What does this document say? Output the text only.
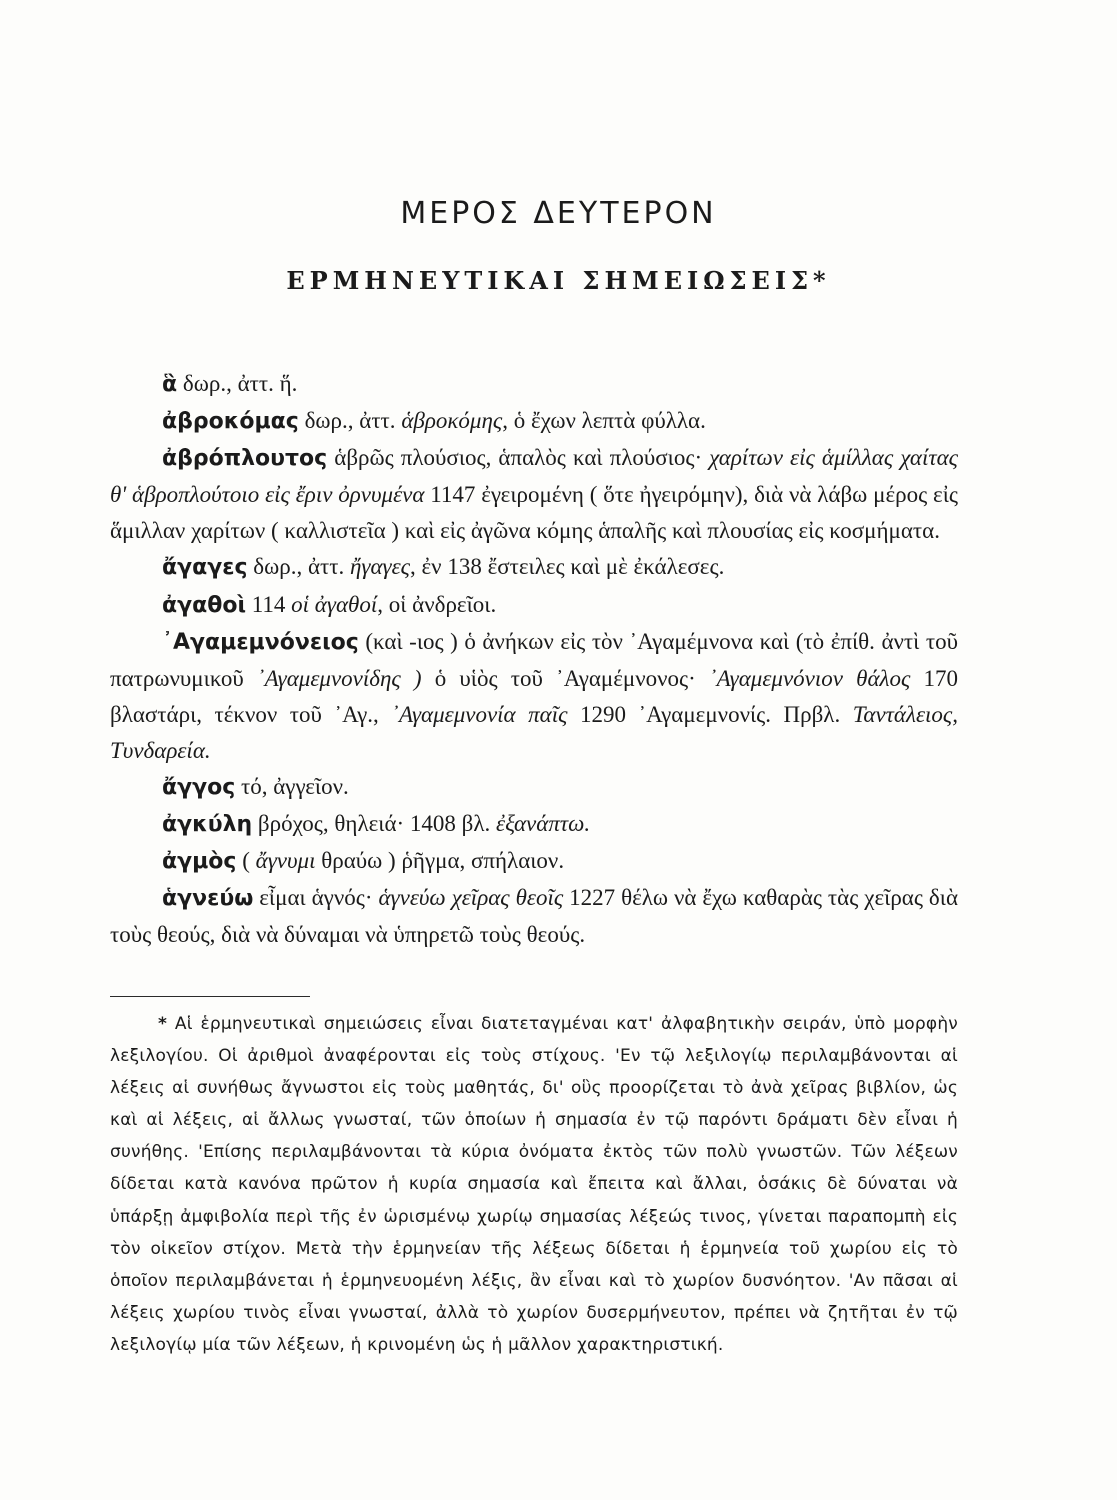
ΜΕΡΟΣ ΔΕΥΤΕΡΟΝ
ΕΡΜΗΝΕΥΤΙΚΑΙ ΣΗΜΕΙΩΣΕΙΣ*

ἃ δωρ., ἀττ. ἥ.

ἀβροκόμας δωρ., ἀττ. ἁβροκόμης, ὁ ἔχων λεπτὰ φύλλα.

ἀβρόπλουτος ἁβρῶς πλούσιος, ἁπαλὸς καὶ πλούσιος· χαρίτων εἰς ἁμίλλας χαίτας θ' ἁβροπλούτοιο εἰς ἔριν ὀρνυμένα 1147 ἐγειρομένη ( ὅτε ἠγειρόμην), διὰ νὰ λάβω μέρος εἰς ἅμιλλαν χαρίτων ( καλλιστεῖα ) καὶ εἰς ἀγῶνα κόμης ἁπαλῆς καὶ πλουσίας εἰς κοσμήματα.

ἄγαγες δωρ., ἀττ. ἤγαγες, ἐν 138 ἔστειλες καὶ μὲ ἐκάλεσες.

ἀγαθοὶ 114 οἱ ἀγαθοί, οἱ ἀνδρεῖοι.

᾿Αγαμεμνόνειος (καὶ -ιος ) ὁ ἀνήκων εἰς τὸν ᾿Αγαμέμνονα καὶ (τὸ ἐπίθ. ἀντὶ τοῦ πατρωνυμικοῦ ᾿Αγαμεμνονίδης ) ὁ υἱὸς τοῦ ᾿Αγαμέμνονος· ᾿Αγαμεμνόνιον θάλος 170 βλαστάρι, τέκνον τοῦ ᾿Αγ., ᾿Αγαμεμνονία παῖς 1290 ᾿Αγαμεμνονίς. Πρβλ. Ταντάλειος, Τυνδαρεία.

ἄγγος τό, ἀγγεῖον.

ἀγκύλη βρόχος, θηλειά· 1408 βλ. ἐξανάπτω.

ἀγμὸς ( ἄγνυμι θραύω ) ῥῆγμα, σπήλαιον.

ἁγνεύω εἶμαι ἁγνός· ἁγνεύω χεῖρας θεοῖς 1227 θέλω νὰ ἔχω καθαρὰς τὰς χεῖρας διὰ τοὺς θεούς, διὰ νὰ δύναμαι νὰ ὑπηρετῶ τοὺς θεούς.

* Αἱ ἑρμηνευτικαὶ σημειώσεις εἶναι διατεταγμέναι κατ' ἀλφαβητικὴν σειράν, ὑπὸ μορφὴν λεξιλογίου. Οἱ ἀριθμοὶ ἀναφέρονται εἰς τοὺς στίχους. 'Εν τῷ λεξιλογίῳ περιλαμβάνονται αἱ λέξεις αἱ συνήθως ἄγνωστοι εἰς τοὺς μαθητάς, δι' οὓς προορίζεται τὸ ἀνὰ χεῖρας βιβλίον, ὡς καὶ αἱ λέξεις, αἱ ἄλλως γνωσταί, τῶν ὁποίων ἡ σημασία ἐν τῷ παρόντι δράματι δὲν εἶναι ἡ συνήθης. 'Επίσης περιλαμβάνονται τὰ κύρια ὀνόματα ἐκτὸς τῶν πολὺ γνωστῶν. Τῶν λέξεων δίδεται κατὰ κανόνα πρῶτον ἡ κυρία σημασία καὶ ἔπειτα καὶ ἄλλαι, ὁσάκις δὲ δύναται νὰ ὑπάρξῃ ἀμφιβολία περὶ τῆς ἐν ὡρισμένῳ χωρίῳ σημασίας λέξεώς τινος, γίνεται παραπομπὴ εἰς τὸν οἰκεῖον στίχον. Μετὰ τὴν ἑρμηνείαν τῆς λέξεως δίδεται ἡ ἑρμηνεία τοῦ χωρίου εἰς τὸ ὁποῖον περιλαμβάνεται ἡ ἑρμηνευομένη λέξις, ἂν εἶναι καὶ τὸ χωρίον δυσνόητον. 'Αν πᾶσαι αἱ λέξεις χωρίου τινὸς εἶναι γνωσταί, ἀλλὰ τὸ χωρίον δυσερμήνευτον, πρέπει νὰ ζητῆται ἐν τῷ λεξιλογίῳ μία τῶν λέξεων, ἡ κρινομένη ὡς ἡ μᾶλλον χαρακτηριστική.
